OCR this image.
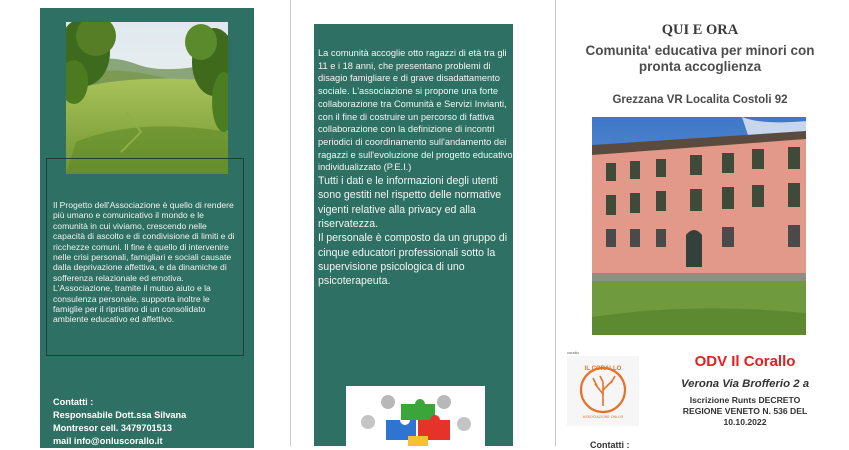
Il Progetto dell'Associazione è quello di rendere più umano e comunicativo il mondo e le comunità in cui viviamo, crescendo nelle capacità di ascolto e di condivisione di limiti e di ricchezze comuni. Il fine è quello di intervenire nelle crisi personali, famigliari e sociali causate dalla deprivazione affettiva, e da dinamiche di sofferenza relazionale ed emotiva.

L'Associazione, tramite il mutuo aiuto e la consulenza personale, supporta inoltre le famiglie per il ripristino di un consolidato ambiente educativo ed affettivo.

Contatti :
Responsabile Dott.ssa Silvana
Montresor cell. 3479701513
mail info@onluscorallo.it

La comunità accoglie otto ragazzi di età tra gli 11 e i 18 anni, che presentano problemi di disagio famigliare e di grave disadattamento sociale. L'associazione si propone una forte collaborazione tra Comunità e Servizi Invianti, con il fine di costruire un percorso di fattiva collaborazione con la definizione di incontri periodici di coordinamento sull'andamento dei ragazzi e sull'evoluzione del progetto educativo individualizzato (P.E.I.)

Tutti i dati e le informazioni degli utenti sono gestiti nel rispetto delle normative vigenti relative alla privacy ed alla riservatezza.

Il personale è composto da un gruppo di cinque educatori professionali sotto la supervisione psicologica di uno psicoterapeuta.

QUI E ORA
Comunita' educativa per minori con pronta accoglienza
Grezzana VR Localita Costoli 92
corallo
IL CORALLO
ASSOCIAZIONE ONLUS
ODV Il Corallo
Verona Via Brofferio 2 a
Iscrizione Runts DECRETO
REGIONE VENETO N. 536 DEL
10.10.2022
Contatti :
